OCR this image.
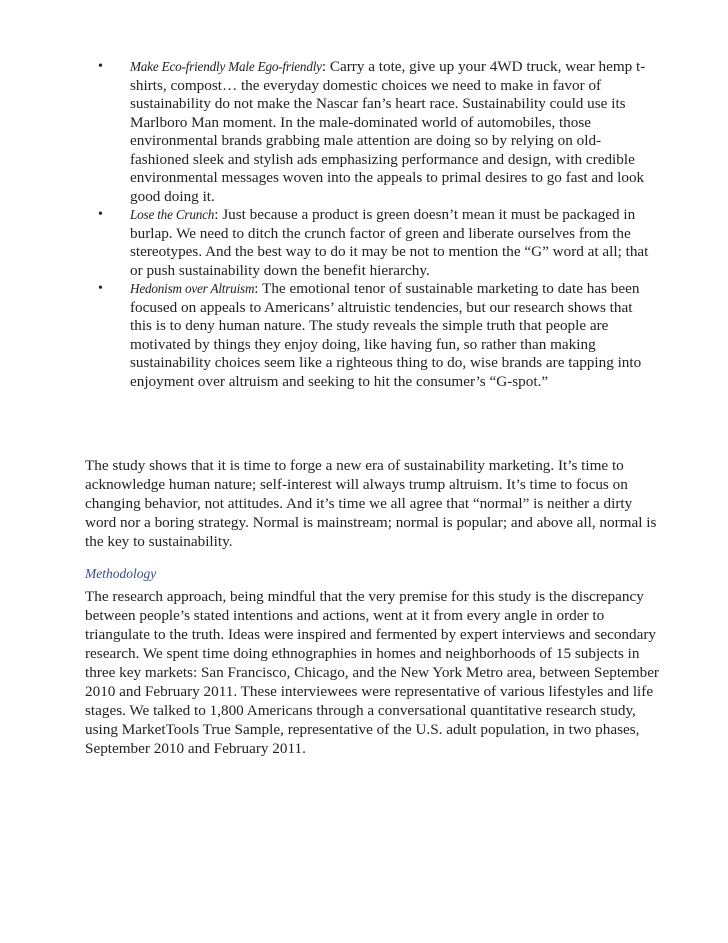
• Make Eco-friendly Male Ego-friendly: Carry a tote, give up your 4WD truck, wear hemp t-shirts, compost… the everyday domestic choices we need to make in favor of sustainability do not make the Nascar fan’s heart race. Sustainability could use its Marlboro Man moment. In the male-dominated world of automobiles, those environmental brands grabbing male attention are doing so by relying on old-fashioned sleek and stylish ads emphasizing performance and design, with credible environmental messages woven into the appeals to primal desires to go fast and look good doing it.
• Lose the Crunch: Just because a product is green doesn’t mean it must be packaged in burlap. We need to ditch the crunch factor of green and liberate ourselves from the stereotypes. And the best way to do it may be not to mention the “G” word at all; that or push sustainability down the benefit hierarchy.
• Hedonism over Altruism: The emotional tenor of sustainable marketing to date has been focused on appeals to Americans’ altruistic tendencies, but our research shows that this is to deny human nature. The study reveals the simple truth that people are motivated by things they enjoy doing, like having fun, so rather than making sustainability choices seem like a righteous thing to do, wise brands are tapping into enjoyment over altruism and seeking to hit the consumer’s “G-spot.”

The study shows that it is time to forge a new era of sustainability marketing. It’s time to acknowledge human nature; self-interest will always trump altruism. It’s time to focus on changing behavior, not attitudes. And it’s time we all agree that “normal” is neither a dirty word nor a boring strategy. Normal is mainstream; normal is popular; and above all, normal is the key to sustainability.

Methodology

The research approach, being mindful that the very premise for this study is the discrepancy between people’s stated intentions and actions, went at it from every angle in order to triangulate to the truth. Ideas were inspired and fermented by expert interviews and secondary research. We spent time doing ethnographies in homes and neighborhoods of 15 subjects in three key markets: San Francisco, Chicago, and the New York Metro area, between September 2010 and February 2011. These interviewees were representative of various lifestyles and life stages. We talked to 1,800 Americans through a conversational quantitative research study, using MarketTools True Sample, representative of the U.S. adult population, in two phases, September 2010 and February 2011.
